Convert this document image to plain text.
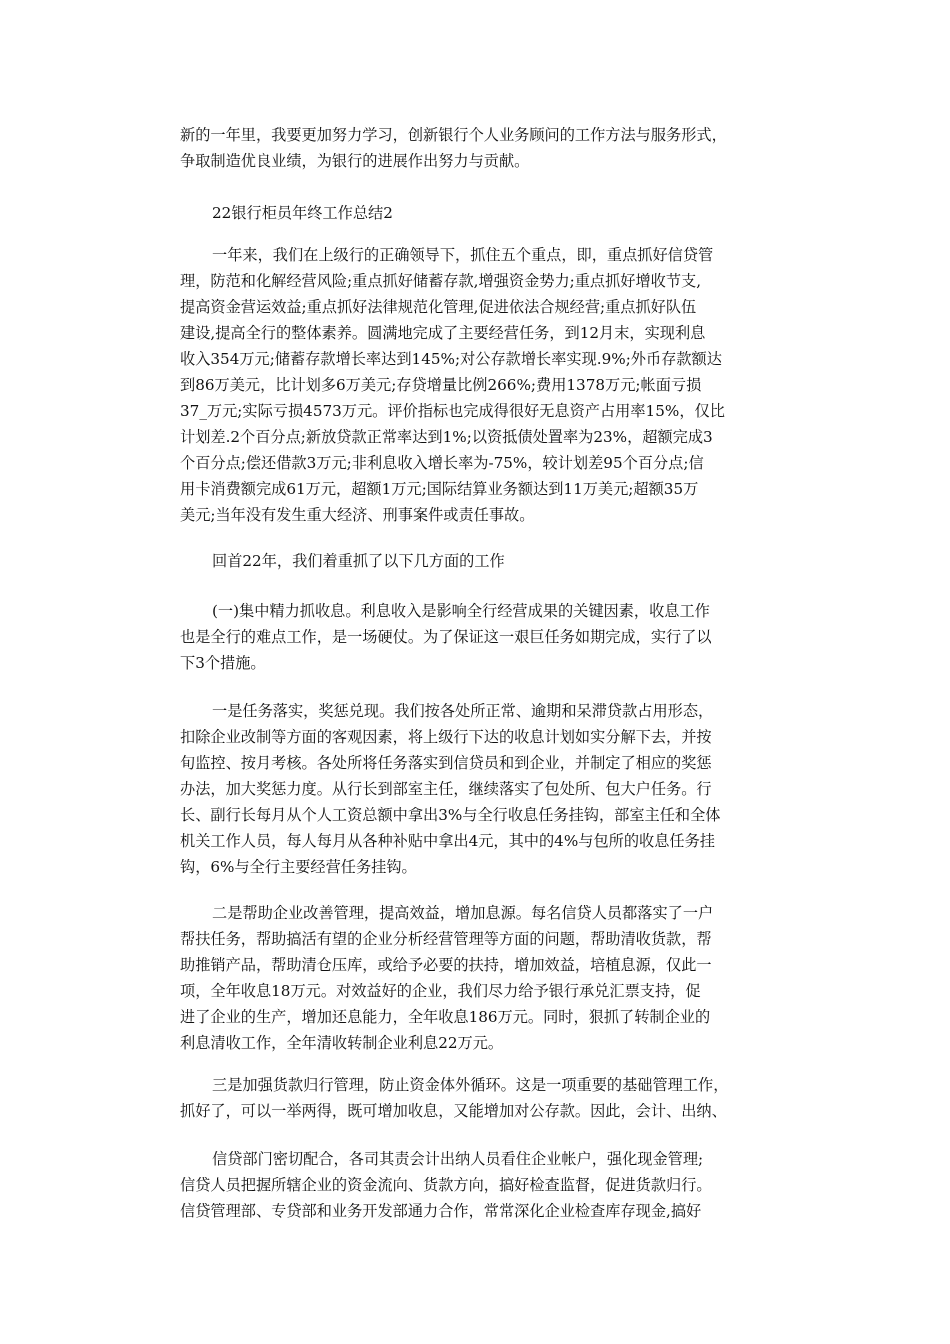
新的一年里，我要更加努力学习，创新银行个人业务顾问的工作方法与服务形式，
争取制造优良业绩，为银行的进展作出努力与贡献。
22银行柜员年终工作总结2
一年来，我们在上级行的正确领导下，抓住五个重点，即，重点抓好信贷管
理，防范和化解经营风险;重点抓好储蓄存款,增强资金势力;重点抓好增收节支,
提高资金营运效益;重点抓好法律规范化管理,促进依法合规经营;重点抓好队伍
建设,提高全行的整体素养。圆满地完成了主要经营任务，到12月末，实现利息
收入354万元;储蓄存款增长率达到145%;对公存款增长率实现.9%;外币存款额达
到86万美元，比计划多6万美元;存贷增量比例266%;费用1378万元;帐面亏损
37_万元;实际亏损4573万元。评价指标也完成得很好无息资产占用率15%，仅比
计划差.2个百分点;新放贷款正常率达到1%;以资抵债处置率为23%，超额完成3
个百分点;偿还借款3万元;非利息收入增长率为-75%，较计划差95个百分点;信
用卡消费额完成61万元，超额1万元;国际结算业务额达到11万美元;超额35万
美元;当年没有发生重大经济、刑事案件或责任事故。
回首22年，我们着重抓了以下几方面的工作
(一)集中精力抓收息。利息收入是影响全行经营成果的关键因素，收息工作
也是全行的难点工作，是一场硬仗。为了保证这一艰巨任务如期完成，实行了以
下3个措施。
一是任务落实，奖惩兑现。我们按各处所正常、逾期和呆滞贷款占用形态，
扣除企业改制等方面的客观因素，将上级行下达的收息计划如实分解下去，并按
旬监控、按月考核。各处所将任务落实到信贷员和到企业，并制定了相应的奖惩
办法，加大奖惩力度。从行长到部室主任，继续落实了包处所、包大户任务。行
长、副行长每月从个人工资总额中拿出3%与全行收息任务挂钩，部室主任和全体
机关工作人员，每人每月从各种补贴中拿出4元，其中的4%与包所的收息任务挂
钩，6%与全行主要经营任务挂钩。
二是帮助企业改善管理，提高效益，增加息源。每名信贷人员都落实了一户
帮扶任务，帮助搞活有望的企业分析经营管理等方面的问题，帮助清收货款，帮
助推销产品，帮助清仓压库，或给予必要的扶持，增加效益，培植息源，仅此一
项，全年收息18万元。对效益好的企业，我们尽力给予银行承兑汇票支持，促
进了企业的生产，增加还息能力，全年收息186万元。同时，狠抓了转制企业的
利息清收工作，全年清收转制企业利息22万元。
三是加强货款归行管理，防止资金体外循环。这是一项重要的基础管理工作，
抓好了，可以一举两得，既可增加收息，又能增加对公存款。因此，会计、出纳、
信贷部门密切配合，各司其责会计出纳人员看住企业帐户，强化现金管理;
信贷人员把握所辖企业的资金流向、货款方向，搞好检查监督，促进货款归行。
信贷管理部、专贷部和业务开发部通力合作，常常深化企业检查库存现金,搞好
